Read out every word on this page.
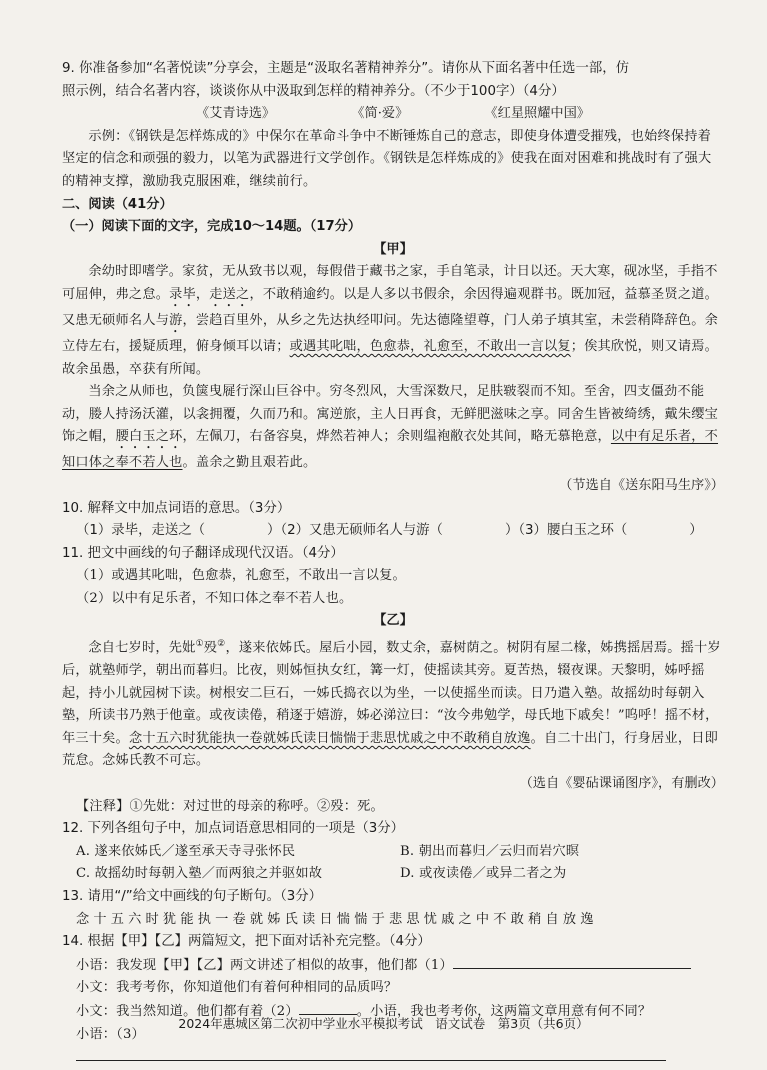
9. 你准备参加“名著悦读”分享会，主题是“汲取名著精神养分”。请你从下面名著中任选一部，仿

照示例，结合名著内容，谈谈你从中汲取到怎样的精神养分。（不少于100字）（4分）

《艾青诗选》	《简·爱》	《红星照耀中国》

示例：《钢铁是怎样炼成的》中保尔在革命斗争中不断锤炼自己的意志，即使身体遭受摧残，也始终保持着坚定的信念和顽强的毅力，以笔为武器进行文学创作。《钢铁是怎样炼成的》使我在面对困难和挑战时有了强大的精神支撑，激励我克服困难，继续前行。

二、阅读（41分）

（一）阅读下面的文字，完成10～14题。（17分）

【甲】

余幼时即嗜学。家贫，无从致书以观，每假借于藏书之家，手自笔录，计日以还。天大寒，砚冰坚，手指不可屈伸，弗之怠。录毕，走送之，不敢稍逾约。以是人多以书假余，余因得遍观群书。既加冠，益慕圣贤之道。又患无硕师名人与游，尝趋百里外，从乡之先达执经叩问。先达德隆望尊，门人弟子填其室，未尝稍降辞色。余立侍左右，援疑质理，俯身倾耳以请；或遇其叱咄，色愈恭，礼愈至，不敢出一言以复；俟其欣悦，则又请焉。故余虽愚，卒获有所闻。

当余之从师也，负箧曳屣行深山巨谷中。穷冬烈风，大雪深数尺，足肤皲裂而不知。至舍，四支僵劲不能动，媵人持汤沃灌，以衾拥覆，久而乃和。寓逆旅，主人日再食，无鲜肥滋味之享。同舍生皆被绮绣，戴朱缨宝饰之帽，腰白玉之环，左佩刀，右备容臭，烨然若神人；余则缊袍敝衣处其间，略无慕艳意，以中有足乐者，不知口体之奉不若人也。盖余之勤且艰若此。

（节选自《送东阳马生序》）

10. 解释文中加点词语的意思。（3分）

（1）录毕，走送之（	）（2）又患无硕师名人与游（	）（3）腰白玉之环（	）

11. 把文中画线的句子翻译成现代汉语。（4分）

（1）或遇其叱咄，色愈恭，礼愈至，不敢出一言以复。

（2）以中有足乐者，不知口体之奉不若人也。

【乙】

念自七岁时，先妣①殁②，遂来依姊氏。屋后小园，数丈余，嘉树荫之。树阴有屋二椽，姊携摇居焉。摇十岁后，就塾师学，朝出而暮归。比夜，则姊恒执女红，篝一灯，使摇读其旁。夏苦热，辍夜课。天黎明，姊呼摇起，持小儿就园树下读。树根安二巨石，一姊氏捣衣以为坐，一以使摇坐而读。日乃遣入塾。故摇幼时每朝入塾，所读书乃熟于他童。或夜读倦，稍逐于嬉游，姊必涕泣曰：“汝今弗勉学，母氏地下戚矣！”呜呼！摇不材，年三十矣。念十五六时犹能执一卷就姊氏读日惴惴于悲思忧戚之中不敢稍自放逸。自二十出门，行身居业，日即荒怠。念姊氏教不可忘。

（选自《婴砧课诵图序》，有删改）

【注释】①先妣：对过世的母亲的称呼。②殁：死。

12. 下列各组句子中，加点词语意思相同的一项是（3分）

A. 遂来依姊氏／遂至承天寺寻张怀民	B. 朝出而暮归／云归而岩穴暝
C. 故摇幼时每朝入塾／而两狼之并驱如故	D. 或夜读倦／或异二者之为

13. 请用“/”给文中画线的句子断句。（3分）

念十五六时犹能执一卷就姊氏读日惴惴于悲思忧戚之中不敢稍自放逸

14. 根据【甲】【乙】两篇短文，把下面对话补充完整。（4分）

小语：我发现【甲】【乙】两文讲述了相似的故事，他们都（1）

小文：我考考你，你知道他们有着何种相同的品质吗？

小文：我当然知道。他们都有着（2）	。小语，我也考考你，这两篇文章用意有何不同？

小语：（3）

2024年惠城区第二次初中学业水平模拟考试　语文试卷　第3页（共6页）
